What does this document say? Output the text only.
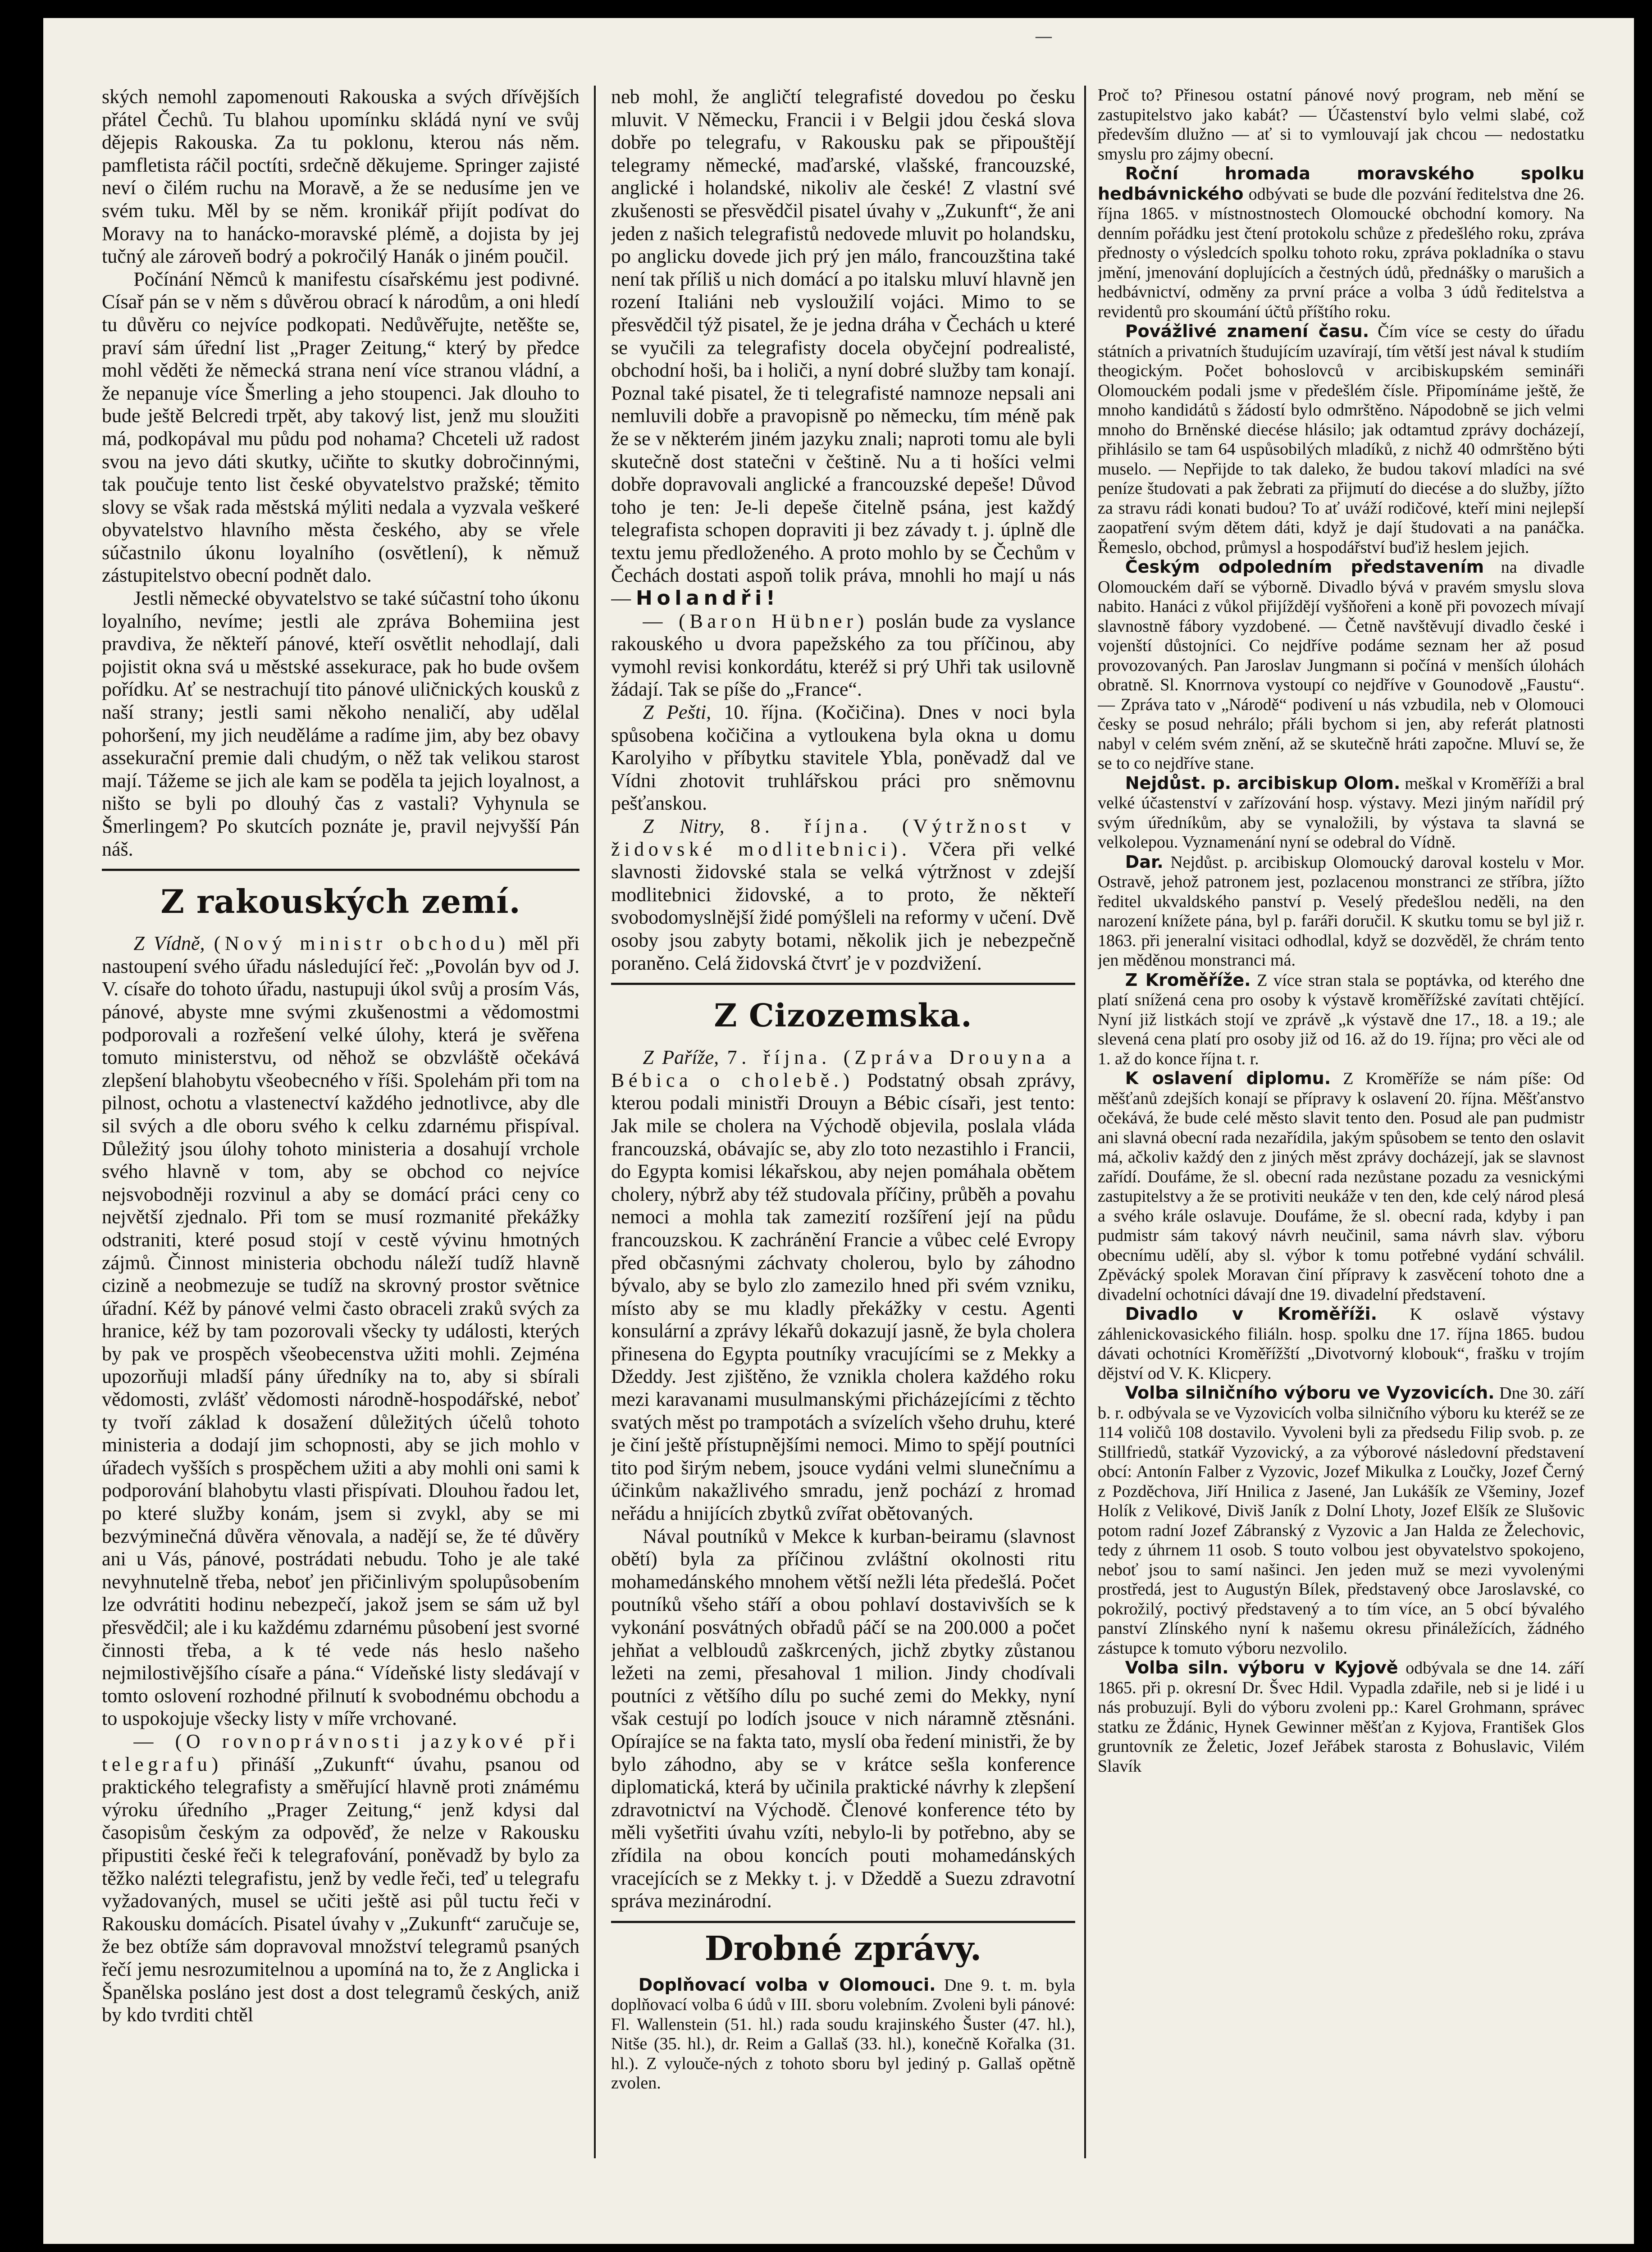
—

ských nemohl zapomenouti Rakouska a svých dřívějších přátel Čechů. Tu blahou upomínku skládá nyní ve svůj dějepis Rakouska. Za tu poklonu, kterou nás něm. pamfletista ráčil poctíti, srdečně děkujeme. Springer zajisté neví o čilém ruchu na Moravě, a že se nedusíme jen ve svém tuku. Měl by se něm. kronikář přijít podívat do Moravy na to hanácko-moravské plémě, a dojista by jej tučný ale zároveň bodrý a pokročilý Hanák o jiném poučil.

Počínání Němců k manifestu císařskému jest podivné. Císař pán se v něm s důvěrou obrací k národům, a oni hledí tu důvěru co nejvíce podkopati. Nedůvěřujte, netěšte se, praví sám úřední list „Prager Zeitung,“ který by předce mohl věděti že německá strana není více stranou vládní, a že nepanuje více Šmerling a jeho stoupenci. Jak dlouho to bude ještě Belcredi trpět, aby takový list, jenž mu sloužiti má, podkopával mu půdu pod nohama? Chceteli už radost svou na jevo dáti skutky, učiňte to skutky dobročinnými, tak poučuje tento list české obyvatelstvo pražské; těmito slovy se však rada městská mýliti nedala a vyzvala veškeré obyvatelstvo hlavního města českého, aby se vřele súčastnilo úkonu loyalního (osvětlení), k němuž zástupitelstvo obecní podnět dalo.

Jestli německé obyvatelstvo se také súčastní toho úkonu loyalního, nevíme; jestli ale zpráva Bohemiina jest pravdiva, že někteří pánové, kteří osvětlit nehodlají, dali pojistit okna svá u městské assekuracе, pak ho bude ovšem pořídku. Ať se nestrachují tito pánové uličnických kousků z naší strany; jestli sami někoho nenaličí, aby udělal pohoršení, my jich neuděláme a radíme jim, aby bez obavy assekurační premie dali chudým, o něž tak velikou starost mají. Tážeme se jich ale kam se poděla ta jejich loyalnost, a ništo se byli po dlouhý čas z vastali? Vyhynula se Šmerlingem? Po skutcích poznáte je, pravil nejvyšší Pán náš.

Z rakouských zemí.

Z Vídně, (Nový ministr obchodu) měl při nastoupení svého úřadu následující řeč: „Povolán byv od J. V. císaře do tohoto úřadu, nastupuji úkol svůj a prosím Vás, pánové, abyste mne svými zkušenostmi a vědomostmi podporovali a rozřešení velké úlohy, která je svěřena tomuto ministerstvu, od něhož se obzvláště očekává zlepšení blahobytu všeobecného v říši. Spolehám při tom na pilnost, ochotu a vlastenectví každého jednotlivce, aby dle sil svých a dle oboru svého k celku zdarnému přispíval. Důležitý jsou úlohy tohoto ministeria a dosahují vrchole svého hlavně v tom, aby se obchod co nejvíce nejsvobodněji rozvinul a aby se domácí práci ceny co největší zjednalo. Při tom se musí rozmanité překážky odstraniti, které posud stojí v cestě vývinu hmotných zájmů. Činnost ministeria obchodu náleží tudíž hlavně cizině a neobmezuje se tudíž na skrovný prostor světnice úřadní. Kéž by pánové velmi často obraceli zraků svých za hranice, kéž by tam pozorovali všecky ty události, kterých by pak ve prospěch všeobecenstva užiti mohli. Zejména upozorňuji mladší pány úředníky na to, aby si sbírali vědomosti, zvlášť vědomosti národně-hospodářské, neboť ty tvoří základ k dosažení důležitých účelů tohoto ministeria a dodají jim schopnosti, aby se jich mohlo v úřadech vyšších s prospěchem užiti a aby mohli oni sami k podporování blahobytu vlasti přispívati. Dlouhou řadou let, po které služby konám, jsem si zvykl, aby se mi bezvýminečná důvěra věnovala, a nadějí se, že té důvěry ani u Vás, pánové, postrádati nebudu. Toho je ale také nevyhnutelně třeba, neboť jen přičinlivým spolupůsobením lze odvrátiti hodinu nebezpečí, jakož jsem se sám už byl přesvědčil; ale i ku každému zdarnému působení jest svorné činnosti třeba, a k té vede nás heslo našeho nejmilostivějšího císaře a pána.“ Vídeňské listy sledávají v tomto oslovení rozhodné přilnutí k svobodnému obchodu a to uspokojuje všecky listy v míře vrchované.

— (O rovnoprávnosti jazykové při telegrafu) přináší „Zukunft“ úvahu, psanou od praktického telegrafisty a směřující hlavně proti známému výroku úředního „Prager Zeitung,“ jenž kdysi dal časopisům českým za odpověď, že nelze v Rakousku připustiti české řeči k telegrafování, poněvadž by bylo za těžko nalézti telegrafistu, jenž by vedle řeči, teď u telegrafu vyžadovaných, musel se učiti ještě asi půl tuctu řeči v Rakousku domácích. Pisatel úvahy v „Zukunft“ zaručuje se, že bez obtíže sám dopravoval množství telegramů psaných řečí jemu nesrozumitelnou a upomíná na to, že z Anglicka i Španělska posláno jest dost a dost telegramů českých, aniž by kdo tvrditi chtěl

neb mohl, že angličtí telegrafisté dovedou po česku mluvit. V Německu, Francii i v Belgii jdou česká slova dobře po telegrafu, v Rakousku pak se připouštějí telegramy německé, maďarské, vlašské, francouzské, anglické i holandské, nikoliv ale české! Z vlastní své zkušenosti se přesvědčil pisatel úvahy v „Zukunft“, že ani jeden z našich telegrafistů nedovede mluvit po holandsku, po anglicku dovede jich prý jen málo, francouzština také není tak příliš u nich domácí a po italsku mluví hlavně jen rození Italiáni neb vysloužilí vojáci. Mimo to se přesvědčil týž pisatel, že je jedna dráha v Čechách u které se vyučili za telegrafisty docela obyčejní podrealisté, obchodní hoši, ba i holiči, a nyní dobré služby tam konají. Poznal také pisatel, že ti telegrafisté namnoze nepsali ani nemluvili dobře a pravopisně po německu, tím méně pak že se v některém jiném jazyku znali; naproti tomu ale byli skutečně dost statečni v češtině. Nu a ti hošíci velmi dobře dopravovali anglické a francouzské depeše! Důvod toho je ten: Je-li depeše čitelně psána, jest každý telegrafista schopen dopraviti ji bez závady t. j. úplně dle textu jemu předloženého. A proto mohlo by se Čechům v Čechách dostati aspoň tolik práva, mnohli ho mají u nás — Holandři!

— (Baron Hübner) poslán bude za vyslance rakouského u dvora papežského za tou příčinou, aby vymohl revisi konkordátu, kteréž si prý Uhři tak usilovně žádají. Tak se píše do „France“.

Z Pešti, 10. října. (Kočičina). Dnes v noci byla spůsobena kočičina a vytloukena byla okna u domu Karolyiho v příbytku stavitele Ybla, poněvadž dal ve Vídni zhotovit truhlářskou práci pro sněmovnu pešťanskou.

Z Nitry, 8. října. (Výtržnost v židovské modlitebnici). Včera při velké slavnosti židovské stala se velká výtržnost v zdejší modlitebnici židovské, a to proto, že někteří svobodomyslnější židé pomýšleli na reformy v učení. Dvě osoby jsou zabyty botami, několik jich je nebezpečně poraněno. Celá židovská čtvrť je v pozdvižení.

Z Cizozemska.

Z Paříže, 7. října. (Zpráva Drouyna a Bébica o cholebě.) Podstatný obsah zprávy, kterou podali ministři Drouyn a Bébic císaři, jest tento: Jak mile se cholera na Východě objevila, poslala vláda francouzská, obávajíc se, aby zlo toto nezastihlo i Francii, do Egypta komisi lékařskou, aby nejen pomáhala obětem cholery, nýbrž aby též studovala příčiny, průběh a povahu nemoci a mohla tak zamezití rozšíření její na půdu francouzskou. K zachránění Francie a vůbec celé Evropy před občasnými záchvaty cholerou, bylo by záhodno bývalo, aby se bylo zlo zamezilo hned při svém vzniku, místo aby se mu kladly překážky v cestu. Agenti konsulární a zprávy lékařů dokazují jasně, že byla cholera přinesena do Egypta poutníky vracujícími se z Mekky a Džeddy. Jest zjištěno, že vznikla cholera každého roku mezi karavanami musulmanskými přicházejícími z těchto svatých měst po trampotách a svízelích všeho druhu, které je činí ještě přístupnějšími nemoci. Mimo to spějí poutníci tito pod širým nebem, jsouce vydáni velmi slunečnímu a účinkům nakažlivého smradu, jenž pochází z hromad neřádu a hnijících zbytků zvířat obětovaných.

Nával poutníků v Mekce k kurban-beiramu (slavnost obětí) byla za příčinou zvláštní okolnosti ritu mohamedánského mnohem větší nežli léta předešlá. Počet poutníků všeho stáří a obou pohlaví dostavivších se k vykonání posvátných obřadů páčí se na 200.000 a počet jehňat a velbloudů zaškrcených, jichž zbytky zůstanou ležeti na zemi, přesahoval 1 milion. Jindy chodívali poutníci z většího dílu po suché zemi do Mekky, nyní však cestují po lodích jsouce v nich náramně ztěsnáni. Opírajíce se na fakta tato, myslí oba ředení ministři, že by bylo záhodno, aby se v krátce sešla konference diplomatická, která by učinila praktické návrhy k zlepšení zdravotnictví na Východě. Členové konference této by měli vyšetřiti úvahu vzíti, nebylo-li by potřebno, aby se zřídila na obou koncích pouti mohamedánských vracejících se z Mekky t. j. v Džeddě a Suezu zdravotní správa mezinárodní.

Drobné zprávy.

Doplňovací volba v Olomouci. Dne 9. t. m. byla doplňovací volba 6 údů v III. sboru volebním. Zvoleni byli pánové: Fl. Wallenstein (51. hl.) rada soudu krajinského Šuster (47. hl.), Nitše (35. hl.), dr. Reim a Gallaš (33. hl.), konečně Kořalka (31. hl.). Z vylouče-ných z tohoto sboru byl jediný p. Gallaš opětně zvolen.

Proč to? Přinesou ostatní pánové nový program, neb mění se zastupitelstvo jako kabát? — Účastenství bylo velmi slabé, což především dlužno — ať si to vymlouvají jak chcou — nedostatku smyslu pro zájmy obecní.

Roční hromada moravského spolku hedbávnického odbývati se bude dle pozvání ředitelstva dne 26. října 1865. v místnostnostech Olomoucké obchodní komory. Na denním pořádku jest čtení protokolu schůze z předešlého roku, zpráva přednosty o výsledcích spolku tohoto roku, zpráva pokladníka o stavu jmění, jmenování doplujících a čestných údů, přednášky o marušich a hedbávnictví, odměny za první práce a volba 3 údů ředitelstva a revidentů pro skoumání účtů příštího roku.

Povážlivé znamení času. Čím více se cesty do úřadu státních a privatních študujícím uzavírají, tím větší jest nával k studiím theogickým. Počet bohoslovců v arcibiskupském semináři Olomouckém podali jsme v předešlém čísle. Připomínáme ještě, že mnoho kandidátů s žádostí bylo odmrštěno. Nápodobně se jich velmi mnoho do Brněnské diecése hlásilo; jak odtamtud zprávy docházejí, přihlásilo se tam 64 uspůsobilých mladíků, z nichž 40 odmrštěno býti muselo. — Nepřijde to tak daleko, že budou takoví mladíci na své peníze študovati a pak žebrati za přijmutí do diecése a do služby, jížto za stravu rádi konati budou? To ať uváží rodičové, kteří mini nejlepší zaopatření svým dětem dáti, když je dají študovati a na panáčka. Řemeslo, obchod, průmysl a hospodářství buďiž heslem jejich.

Českým odpoledním představením na divadle Olomouckém daří se výborně. Divadlo bývá v pravém smyslu slova nabito. Hanáci z vůkol přijíždějí vyšňořeni a koně při povozech mívají slavnostně fábory vyzdobené. — Četně navštěvují divadlo české i vojenští důstojníci. Co nejdříve podáme seznam her až posud provozovaných. Pan Jaroslav Jungmann si počíná v menších úlohách obratně. Sl. Knorrnova vystoupí co nejdříve v Gounodově „Faustu“. — Zpráva tato v „Národě“ podivení u nás vzbudila, neb v Olomouci česky se posud nehrálo; přáli bychom si jen, aby referát platnosti nabyl v celém svém znění, až se skutečně hráti započne. Mluví se, že se to co nejdříve stane.

Nejdůst. p. arcibiskup Olom. meškal v Kroměříži a bral velké účastenství v zařízování hosp. výstavy. Mezi jiným nařídil prý svým úředníkům, aby se vynaložili, by výstava ta slavná se velkolepou. Vyznamenání nyní se odebral do Vídně.

Dar. Nejdůst. p. arcibiskup Olomoucký daroval kostelu v Mor. Ostravě, jehož patronem jest, pozlacenou monstranci ze stříbra, jížto ředitel ukvaldského panství p. Veselý předešlou neděli, na den narození knížete pána, byl p. faráři doručil. K skutku tomu se byl již r. 1863. při jeneralní visitaci odhodlal, když se dozvěděl, že chrám tento jen měděnou monstranci má.

Z Kroměříže. Z více stran stala se poptávka, od kterého dne platí snížená cena pro osoby k výstavě kroměřížské zavítati chtějící. Nyní již listkách stojí ve zprávě „k výstavě dne 17., 18. a 19.; ale slevená cena platí pro osoby již od 16. až do 19. října; pro věci ale od 1. až do konce října t. r.

K oslavení diplomu. Z Kroměříže se nám píše: Od měšťanů zdejších konají se přípravy k oslavení 20. října. Měšťanstvo očekává, že bude celé město slavit tento den. Posud ale pan pudmistr ani slavná obecní rada nezařídila, jakým spůsobem se tento den oslavit má, ačkoliv každý den z jiných měst zprávy docházejí, jak se slavnost zařídí. Doufáme, že sl. obecní rada nezůstane pozadu za vesnickými zastupitelstvy a že se protiviti neukáže v ten den, kde celý národ plesá a svého krále oslavuje. Doufáme, že sl. obecní rada, kdyby i pan pudmistr sám takový návrh neučinil, sama návrh slav. výboru obecnímu udělí, aby sl. výbor k tomu potřebné vydání schválil. Zpěvácký spolek Moravan činí přípravy k zasvěcení tohoto dne a divadelní ochotníci dávají dne 19. divadelní představení.

Divadlo v Kroměříži. K oslavě výstavy záhlenickovasického filiáln. hosp. spolku dne 17. října 1865. budou dávati ochotníci Kroměřížští „Divotvorný klobouk“, frašku v trojím dějství od V. K. Klicpery.

Volba silničního výboru ve Vyzovicích. Dne 30. září b. r. odbývala se ve Vyzovicích volba silničního výboru ku kteréž se ze 114 voličů 108 dostavilo. Vyvoleni byli za předsedu Filip svob. p. ze Stillfriedů, statkář Vyzovický, a za výborové následovní představení obcí: Antonín Falber z Vyzovic, Jozef Mikulka z Loučky, Jozef Černý z Pozděchova, Jiří Hnilica z Jasené, Jan Lukášík ze Všeminy, Jozef Holík z Velikové, Diviš Janík z Dolní Lhoty, Jozef Elšík ze Slušovic potom radní Jozef Zábranský z Vyzovic a Jan Halda ze Želechovic, tedy z úhrnem 11 osob. S touto volbou jest obyvatelstvo spokojeno, neboť jsou to samí našinci. Jen jeden muž se mezi vyvolenými prostředá, jest to Augustýn Bílek, představený obce Jaroslavské, co pokrožilý, poctivý představený a to tím více, an 5 obcí bývalého panství Zlínského nyní k našemu okresu přináležících, žádného zástupce k tomuto výboru nezvolilo.

Volba siln. výboru v Kyjově odbývala se dne 14. září 1865. při p. okresní Dr. Švec Hdil. Vypadla zdařile, neb si je lidé i u nás probuzují. Byli do výboru zvoleni pp.: Karel Grohmann, správec statku ze Ždánic, Hynek Gewinner měšťan z Kyjova, František Glos gruntovník ze Želetic, Jozef Jeřábek starosta z Bohuslavic, Vilém Slavík
